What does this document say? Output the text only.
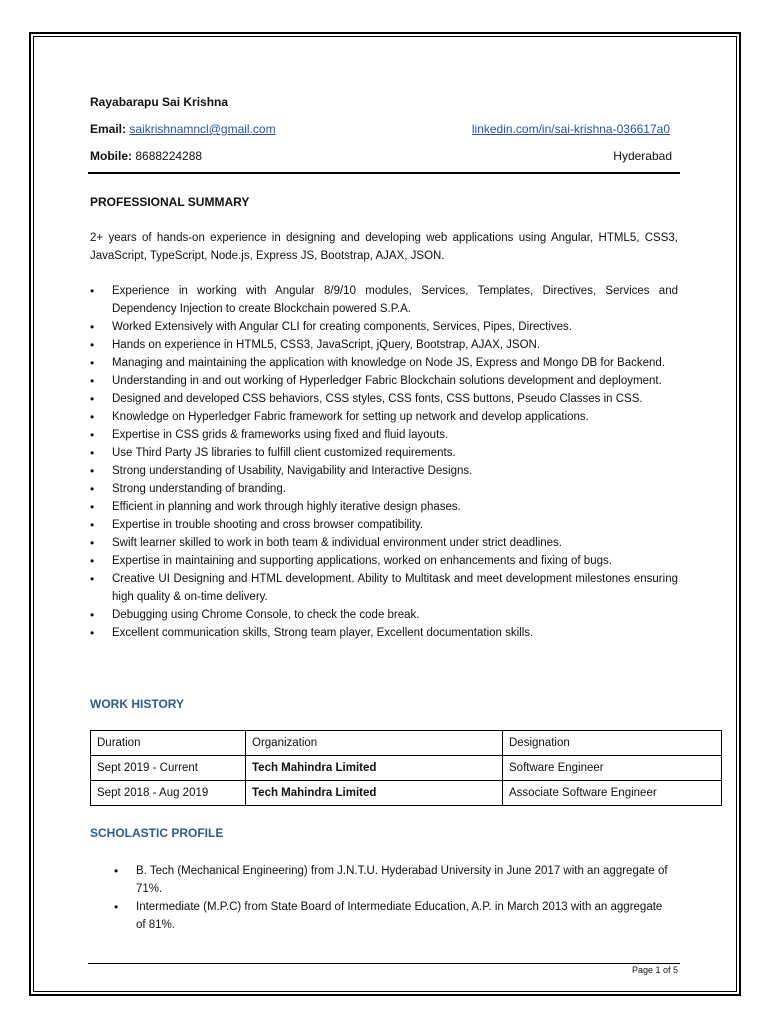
Rayabarapu Sai Krishna
Email: saikrishnamncl@gmail.com	linkedin.com/in/sai-krishna-036617a0
Mobile: 8688224288	Hyderabad
PROFESSIONAL SUMMARY
2+ years of hands-on experience in designing and developing web applications using Angular, HTML5, CSS3, JavaScript, TypeScript, Node.js, Express JS, Bootstrap, AJAX, JSON.
• Experience in working with Angular 8/9/10 modules, Services, Templates, Directives, Services and Dependency Injection to create Blockchain powered S.P.A.
• Worked Extensively with Angular CLI for creating components, Services, Pipes, Directives.
• Hands on experience in HTML5, CSS3, JavaScript, jQuery, Bootstrap, AJAX, JSON.
• Managing and maintaining the application with knowledge on Node JS, Express and Mongo DB for Backend.
• Understanding in and out working of Hyperledger Fabric Blockchain solutions development and deployment.
• Designed and developed CSS behaviors, CSS styles, CSS fonts, CSS buttons, Pseudo Classes in CSS.
• Knowledge on Hyperledger Fabric framework for setting up network and develop applications.
• Expertise in CSS grids & frameworks using fixed and fluid layouts.
• Use Third Party JS libraries to fulfill client customized requirements.
• Strong understanding of Usability, Navigability and Interactive Designs.
• Strong understanding of branding.
• Efficient in planning and work through highly iterative design phases.
• Expertise in trouble shooting and cross browser compatibility.
• Swift learner skilled to work in both team & individual environment under strict deadlines.
• Expertise in maintaining and supporting applications, worked on enhancements and fixing of bugs.
• Creative UI Designing and HTML development. Ability to Multitask and meet development milestones ensuring high quality & on-time delivery.
• Debugging using Chrome Console, to check the code break.
• Excellent communication skills, Strong team player, Excellent documentation skills.
WORK HISTORY
Duration	Organization	Designation
Sept 2019 - Current	Tech Mahindra Limited	Software Engineer
Sept 2018 - Aug 2019	Tech Mahindra Limited	Associate Software Engineer
SCHOLASTIC PROFILE
• B. Tech (Mechanical Engineering) from J.N.T.U. Hyderabad University in June 2017 with an aggregate of 71%.
• Intermediate (M.P.C) from State Board of Intermediate Education, A.P. in March 2013 with an aggregate of 81%.
Page 1 of 5
